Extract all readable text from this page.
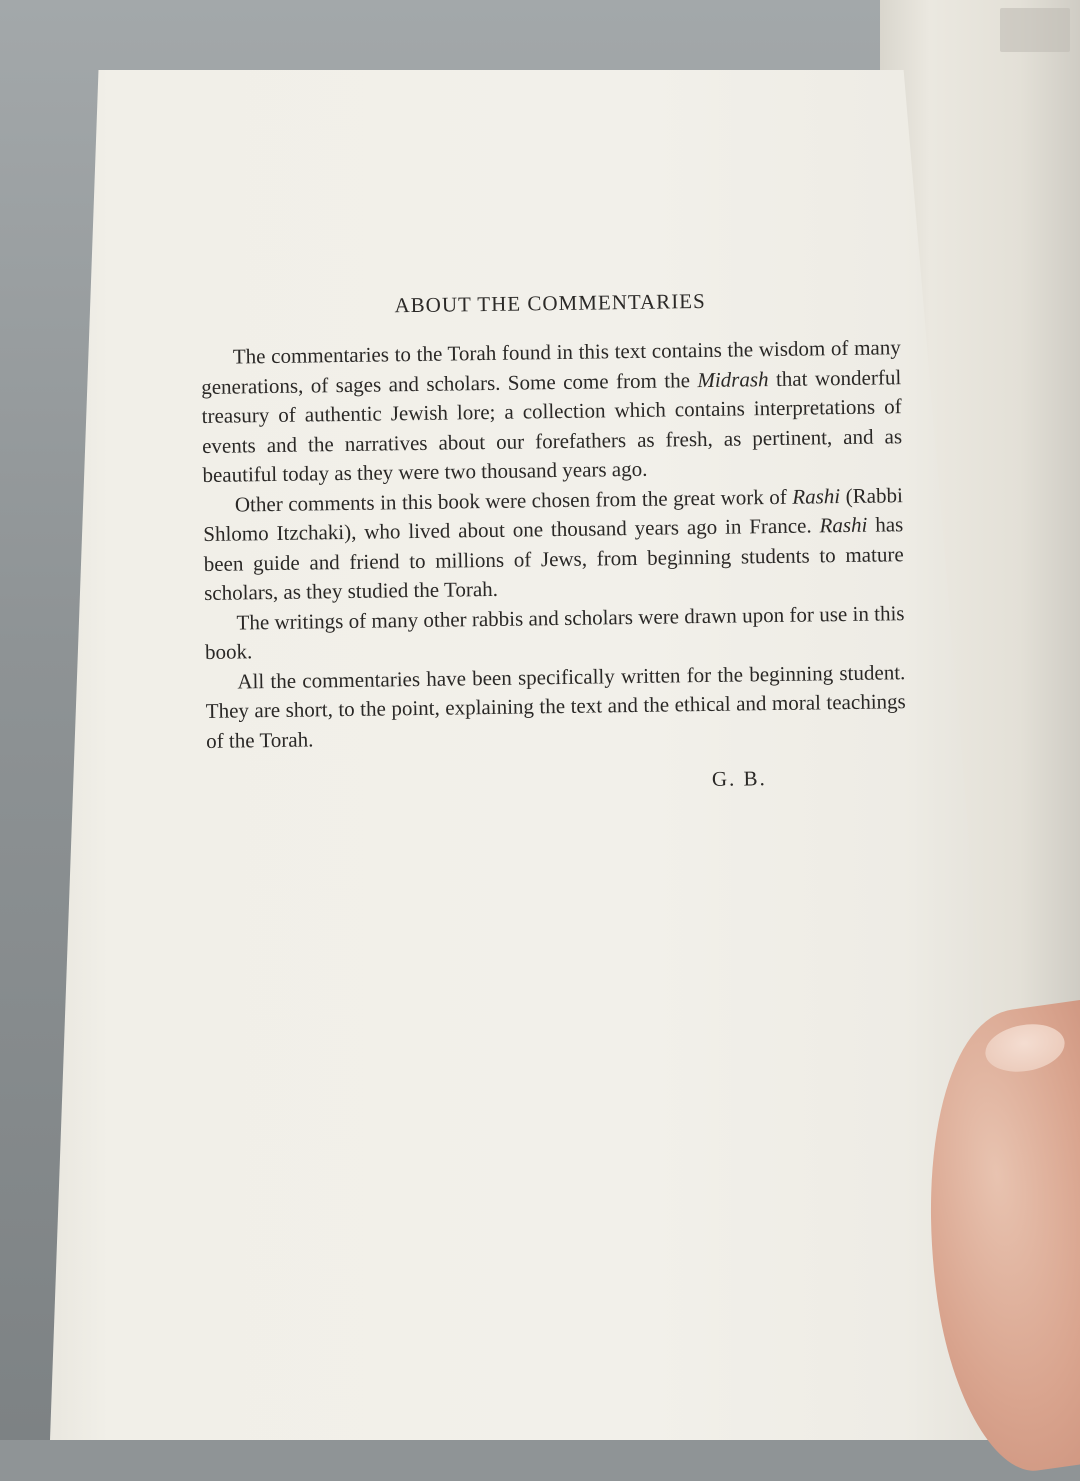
ABOUT THE COMMENTARIES

The commentaries to the Torah found in this text contains the wisdom of many generations, of sages and scholars. Some come from the Midrash that wonderful treasury of authentic Jewish lore; a collection which contains interpretations of events and the narratives about our forefathers as fresh, as pertinent, and as beautiful today as they were two thousand years ago.

Other comments in this book were chosen from the great work of Rashi (Rabbi Shlomo Itzchaki), who lived about one thousand years ago in France. Rashi has been guide and friend to millions of Jews, from beginning students to mature scholars, as they studied the Torah.

The writings of many other rabbis and scholars were drawn upon for use in this book.

All the commentaries have been specifically written for the beginning student. They are short, to the point, explaining the text and the ethical and moral teachings of the Torah.

G. B.
